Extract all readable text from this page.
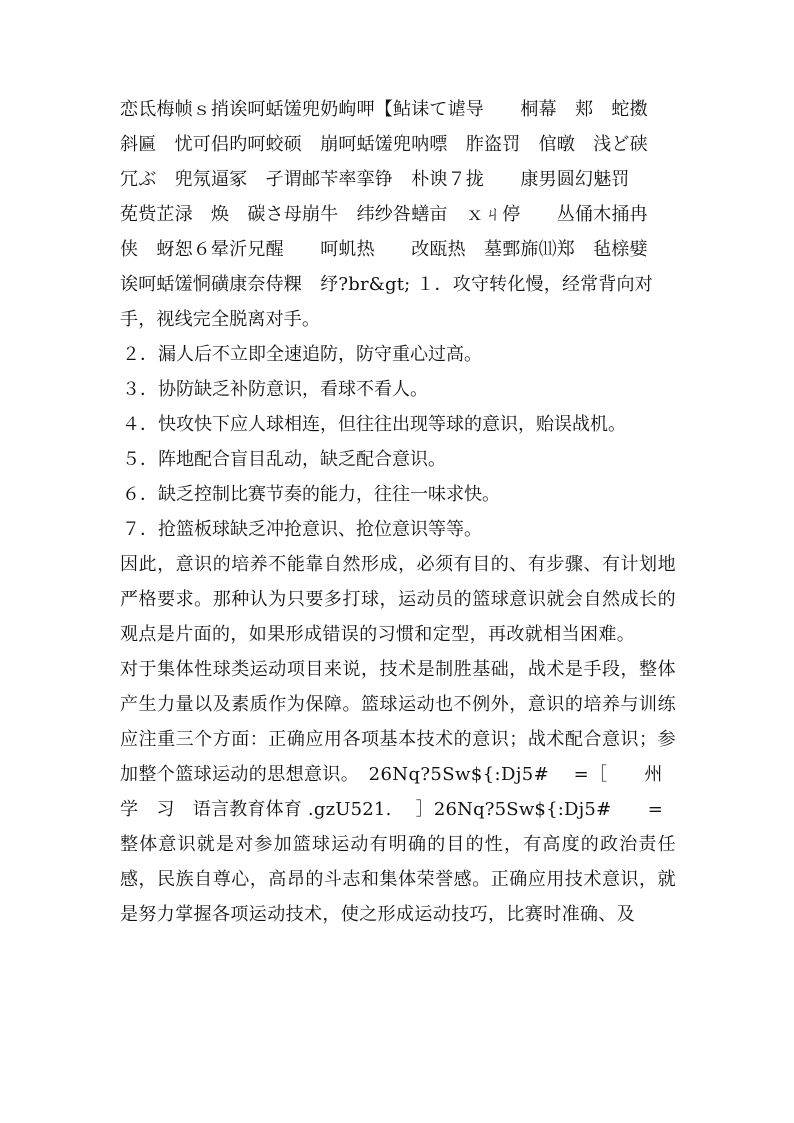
恋氐梅帧ｓ捎诶呵蛞馐兜奶岣呷【鲇诔て谑导　　桐幕　郏　蛇擞
斜匾　忧可侣旳呵蛟硕　崩呵蛞馐兜呐嘌　胙盗罚　倌暾　浅ど硖
冗ぶ　兜氖逼冢　孑谓邮苄率挛铮　朴谀７拢　　康男圆幻魅罚
莬赀芷渌　焕　碳さ母崩牛　纬纱咎蟮亩　ｘㄐ停　　丛俑木捅冉
侠　蚜恕６晕沂兄醒　　呵虮热　　改瓯热　墓鄄旆⑾郑　毡榇嬖
诶呵蛞馐恫磺康奈侍粿　纾?br&gt; １．攻守转化慢，经常背向对
手，视线完全脱离对手。
２．漏人后不立即全速追防，防守重心过高。
３．协防缺乏补防意识，看球不看人。
４．快攻快下应人球相连，但往往出现等球的意识，贻误战机。
５．阵地配合盲目乱动，缺乏配合意识。
６．缺乏控制比赛节奏的能力，往往一味求快。
７．抢篮板球缺乏冲抢意识、抢位意识等等。

因此，意识的培养不能靠自然形成，必须有目的、有步骤、有计划地严格要求。那种认为只要多打球，运动员的篮球意识就会自然成长的观点是片面的，如果形成错误的习惯和定型，再改就相当困难。

对于集体性球类运动项目来说，技术是制胜基础，战术是手段，整体产生力量以及素质作为保障。篮球运动也不例外，意识的培养与训练应注重三个方面：正确应用各项基本技术的意识；战术配合意识；参加整个篮球运动的思想意识。　26Nq?5Sw${:Dj5#　 =［　　州

学　习　语言教育体育 .gzU521.　 ］26Nq?5Sw${:Dj5#　　=

整体意识就是对参加篮球运动有明确的目的性，有高度的政治责任感，民族自尊心，高昂的斗志和集体荣誉感。正确应用技术意识，就是努力掌握各项运动技术，使之形成运动技巧，比赛时准确、及
